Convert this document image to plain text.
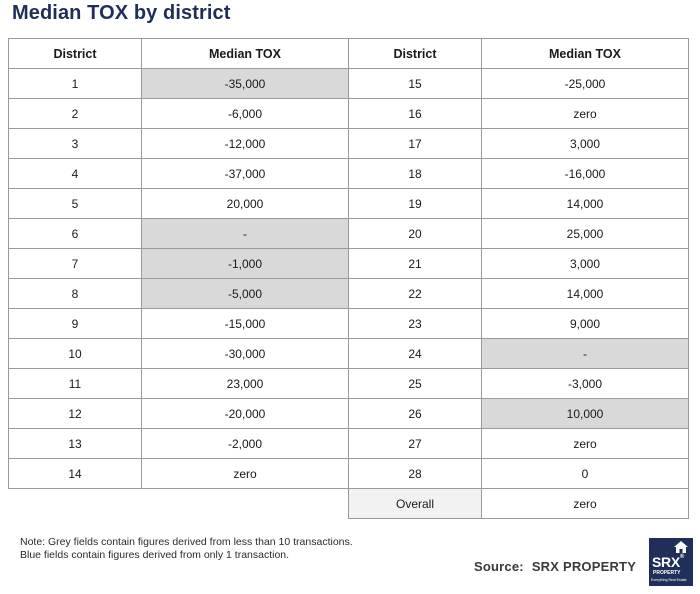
Median TOX by district
District	Median TOX	District	Median TOX
1	-35,000	15	-25,000
2	-6,000	16	zero
3	-12,000	17	3,000
4	-37,000	18	-16,000
5	20,000	19	14,000
6	-	20	25,000
7	-1,000	21	3,000
8	-5,000	22	14,000
9	-15,000	23	9,000
10	-30,000	24	-
11	23,000	25	-3,000
12	-20,000	26	10,000
13	-2,000	27	zero
14	zero	28	0
		Overall	zero
Note: Grey fields contain figures derived from less than 10 transactions.
Blue fields contain figures derived from only 1 transaction.
Source: SRX PROPERTY SRX®
PROPERTY
Everything Real Estate
